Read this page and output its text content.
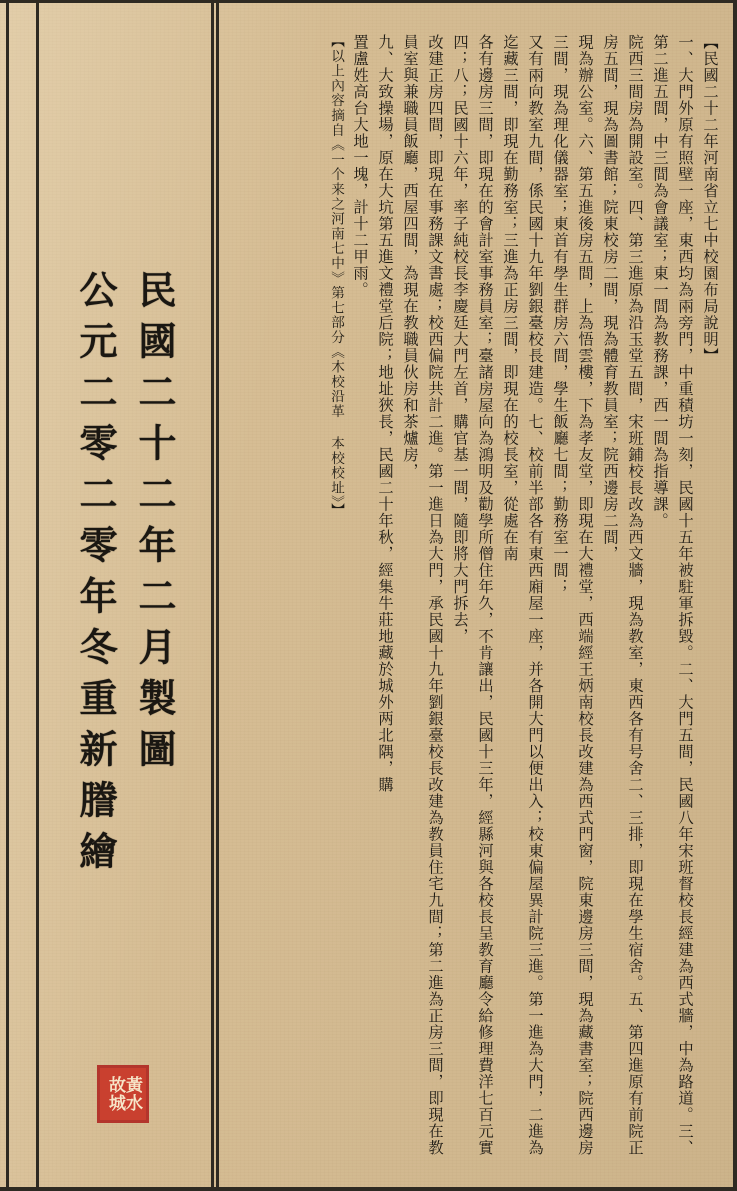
民國二十二年二月製圖
公元二零二零年冬重新謄繪
黃水故城
【民國二十二年河南省立七中校園布局說明】
一、大門外原有照壁一座，東西均為兩旁門，中重積坊一刻，民國十五年被駐軍拆毀。二、大門五間，民國八年宋班督校長經建為西式牆，中為路道。三、第二進五間，中三間為會議室；東一間為教務課，西一間為指導課。
院西三間房為開設室。四、第三進原為沿玉堂五間，宋班鋪校長改為西文牆，現為教室，東西各有号舍二、三排，即現在學生宿舍。五、第四進原有前院正房五間，現為圖書館；院東校房二間，現為體育教員室；院西邊房二間，
現為辦公室。六、第五進後房五間，上為悟雲樓，下為孝友堂，即現在大禮堂，西端經王炳南校長改建為西式門窗，院東邊房三間，現為藏書室；院西邊房三間，現為理化儀器室；東首有學生群房六間，學生飯廳七間；勤務室一間；
又有兩向教室九間，係民國十九年劉銀臺校長建造。七、校前半部各有東西廂屋一座，并各開大門以便出入；校東偏屋異計院三進。第一進為大門，二進為迄藏三間，即現在勤務室；三進為正房三間，即現在的校長室，從處在南
各有邊房三間，即現在的會計室事務員室；臺諸房屋向為鴻明及勸學所僧住年久，不肯讓出，民國十三年，經縣河與各校長呈教育廳令給修理費洋七百元實四；八；民國十六年，率子純校長李慶廷大門左首，購官基一間，隨即將大門拆去，
改建正房四間，即現在事務課文書處；校西偏院共計二進。第一進日為大門，承民國十九年劉銀臺校長改建為教員住宅九間；第二進為正房三間，即現在教員室與兼職員飯廳，西屋四間，為現在教職員伙房和茶爐房，
九、大致操場，原在大坑第五進文禮堂后院；地址狹長，民國二十年秋，經集牛莊地藏於城外两北隅，購置盧姓高台大地一塊，計十二甲雨。
【以上內容摘自《一个来之河南七中》第七部分《木校沿革 本校校址》】
